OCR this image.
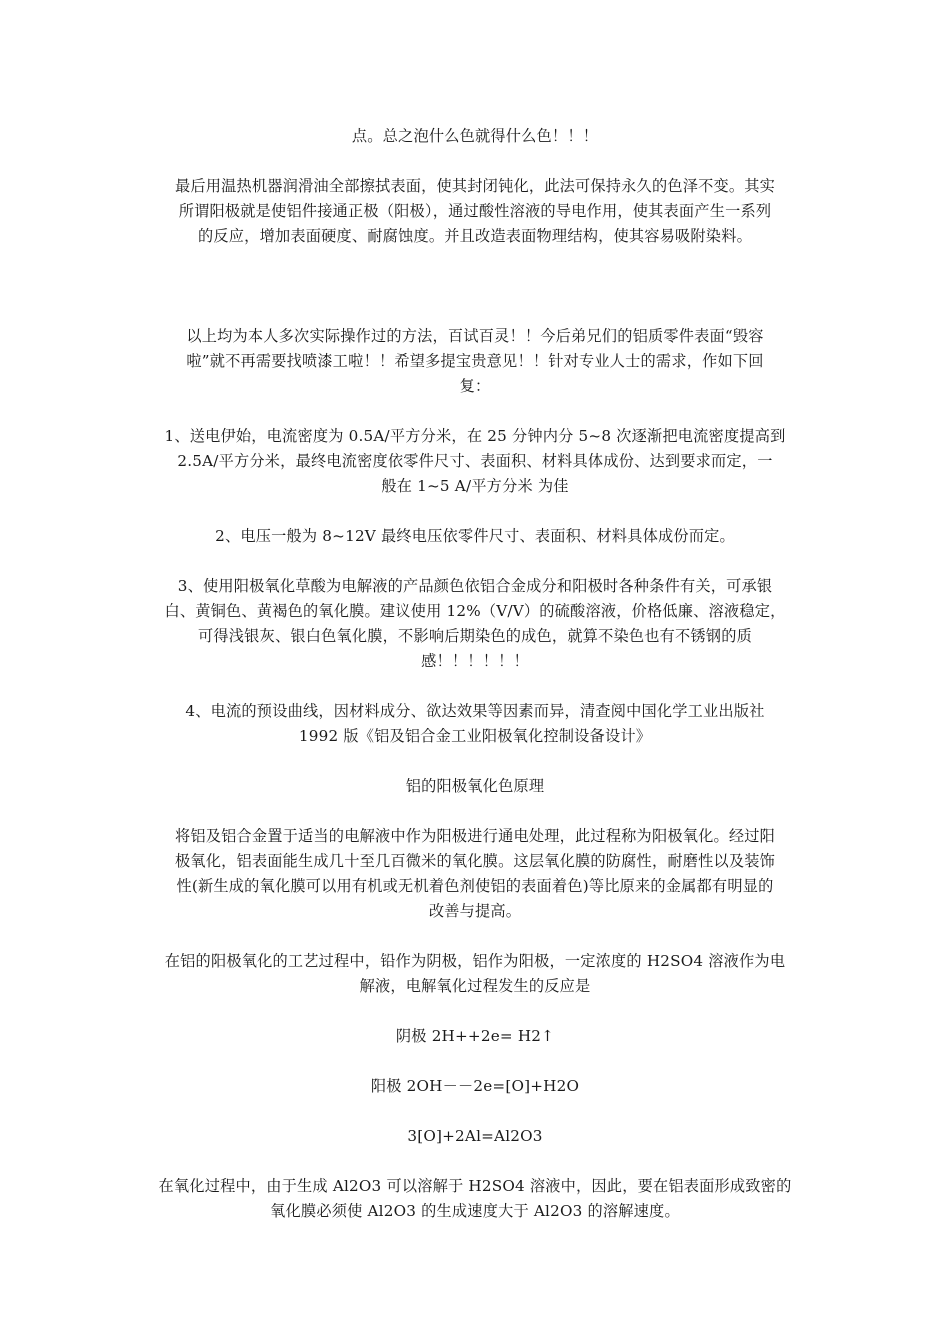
点。总之泡什么色就得什么色！！！

最后用温热机器润滑油全部擦拭表面，使其封闭钝化，此法可保持永久的色泽不变。其实
所谓阳极就是使铝件接通正极（阳极），通过酸性溶液的导电作用，使其表面产生一系列
的反应，增加表面硬度、耐腐蚀度。并且改造表面物理结构，使其容易吸附染料。

以上均为本人多次实际操作过的方法，百试百灵！！今后弟兄们的铝质零件表面“毁容
啦”就不再需要找喷漆工啦！！希望多提宝贵意见！！针对专业人士的需求，作如下回
复：

1、送电伊始，电流密度为 0.5A/平方分米，在 25 分钟内分 5~8 次逐渐把电流密度提高到
2.5A/平方分米，最终电流密度依零件尺寸、表面积、材料具体成份、达到要求而定，一
般在 1~5 A/平方分米 为佳

2、电压一般为 8~12V 最终电压依零件尺寸、表面积、材料具体成份而定。

3、使用阳极氧化草酸为电解液的产品颜色依铝合金成分和阳极时各种条件有关，可承银
白、黄铜色、黄褐色的氧化膜。建议使用 12%（V/V）的硫酸溶液，价格低廉、溶液稳定，
可得浅银灰、银白色氧化膜，不影响后期染色的成色，就算不染色也有不锈钢的质
感！！！！！！

4、电流的预设曲线，因材料成分、欲达效果等因素而异，清查阅中国化学工业出版社
1992 版《铝及铝合金工业阳极氧化控制设备设计》

铝的阳极氧化色原理

将铝及铝合金置于适当的电解液中作为阳极进行通电处理，此过程称为阳极氧化。经过阳
极氧化，铝表面能生成几十至几百微米的氧化膜。这层氧化膜的防腐性，耐磨性以及装饰
性(新生成的氧化膜可以用有机或无机着色剂使铝的表面着色)等比原来的金属都有明显的
改善与提高。

在铝的阳极氧化的工艺过程中，铅作为阴极，铝作为阳极，一定浓度的 H2SO4 溶液作为电
解液，电解氧化过程发生的反应是

阴极 2H++2e= H2↑

阳极 2OH－－2e=[O]+H2O

3[O]+2Al=Al2O3

在氧化过程中，由于生成 Al2O3 可以溶解于 H2SO4 溶液中，因此，要在铝表面形成致密的
氧化膜必须使 Al2O3 的生成速度大于 Al2O3 的溶解速度。
